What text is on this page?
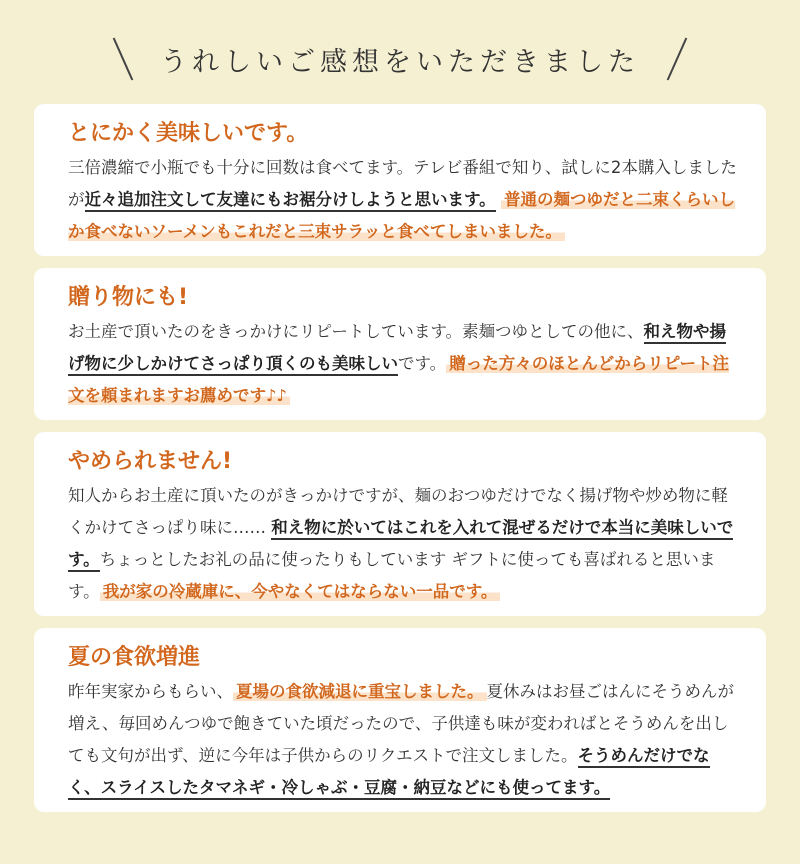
うれしいご感想をいただきました
とにかく美味しいです。
三倍濃縮で小瓶でも十分に回数は食べてます。テレビ番組で知り、試しに2本購入しましたが近々追加注文して友達にもお裾分けしようと思います。 普通の麺つゆだと二束くらいしか食べないソーメンもこれだと三束サラッと食べてしまいました。
贈り物にも!
お土産で頂いたのをきっかけにリピートしています。素麺つゆとしての他に、和え物や揚げ物に少しかけてさっぱり頂くのも美味しいです。 贈った方々のほとんどからリピート注文を頼まれますお薦めです♪♪
やめられません!
知人からお土産に頂いたのがきっかけですが、麺のおつゆだけでなく揚げ物や炒め物に軽くかけてさっぱり味に…… 和え物に於いてはこれを入れて混ぜるだけで本当に美味しいです。ちょっとしたお礼の品に使ったりもしています ギフトに使っても喜ばれると思います。 我が家の冷蔵庫に、今やなくてはならない一品です。
夏の食欲増進
昨年実家からもらい、 夏場の食欲減退に重宝しました。 夏休みはお昼ごはんにそうめんが増え、毎回めんつゆで飽きていた頃だったので、子供達も味が変わればとそうめんを出しても文句が出ず、逆に今年は子供からのリクエストで注文しました。そうめんだけでなく、スライスしたタマネギ・冷しゃぶ・豆腐・納豆などにも使ってます。
